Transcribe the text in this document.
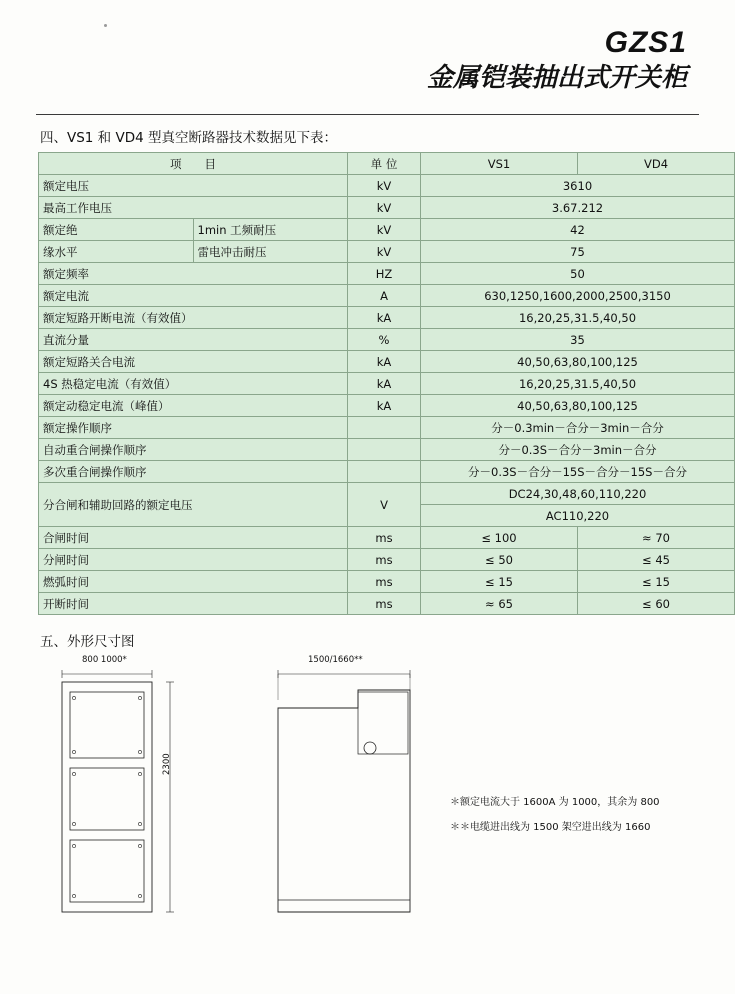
GZS1
金属铠装抽出式开关柜
四、VS1 和 VD4 型真空断路器技术数据见下表：
项　　目		单 位	VS1	VD4
额定电压		kV	3610	
最高工作电压		kV	3.67.212	
额定绝	1min 工频耐压	kV	42	
缘水平	雷电冲击耐压	kV	75	
额定频率		HZ	50	
额定电流		A	630,1250,1600,2000,2500,3150	
额定短路开断电流（有效值）		kA	16,20,25,31.5,40,50	
直流分量		%	35	
额定短路关合电流		kA	40,50,63,80,100,125	
4S 热稳定电流（有效值）		kA	16,20,25,31.5,40,50	
额定动稳定电流（峰值）		kA	40,50,63,80,100,125	
额定操作顺序			分－0.3min－合分－3min－合分	
自动重合闸操作顺序			分－0.3S－合分－3min－合分	
多次重合闸操作顺序			分－0.3S－合分－15S－合分－15S－合分	
分合闸和辅助回路的额定电压		V	DC24,30,48,60,110,220	
			AC110,220	
合闸时间		ms	≤ 100	≈ 70
分闸时间		ms	≤ 50	≤ 45
燃弧时间		ms	≤ 15	≤ 15
开断时间		ms	≈ 65	≤ 60
五、外形尺寸图
800 1000*
2300
1500/1660**
＊额定电流大于 1600A 为 1000，其余为 800
＊＊电缆进出线为 1500 架空进出线为 1660
